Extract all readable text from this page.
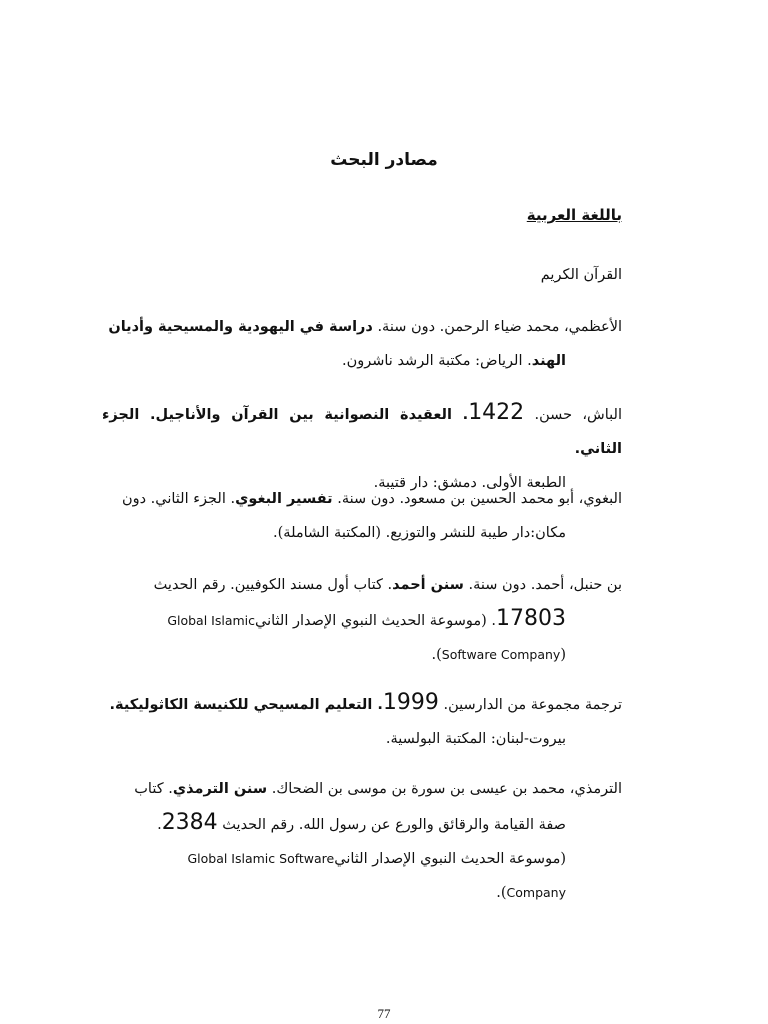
مصادر البحث
باللغة العربية
القرآن الكريم
الأعظمي، محمد ضياء الرحمن. دون سنة. دراسة في اليهودية والمسيحية وأديان
الهند. الرياض: مكتبة الرشد ناشرون.
الباش، حسن. 1422. العقيدة النصوانية بين القرآن والأناجيل. الجزء الثاني.
الطبعة الأولى. دمشق: دار قتيبة.
البغوي، أبو محمد الحسين بن مسعود. دون سنة. تفسير البغوي. الجزء الثاني. دون
مكان:دار طيبة للنشر والتوزيع. (المكتبة الشاملة).
بن حنبل، أحمد. دون سنة. سنن أحمد. كتاب أول مسند الكوفيين. رقم الحديث
17803. (موسوعة الحديث النبوي الإصدار الثانيGlobal Islamic
(Software Company).
ترجمة مجموعة من الدارسين. 1999. التعليم المسيحي للكنيسة الكاثوليكية.
بيروت-لبنان: المكتبة البولسية.
الترمذي، محمد بن عيسى بن سورة بن موسى بن الضحاك. سنن الترمذي. كتاب
صفة القيامة والرقائق والورع عن رسول الله. رقم الحديث 2384.
(موسوعة الحديث النبوي الإصدار الثانيGlobal Islamic Software
Company).
77
